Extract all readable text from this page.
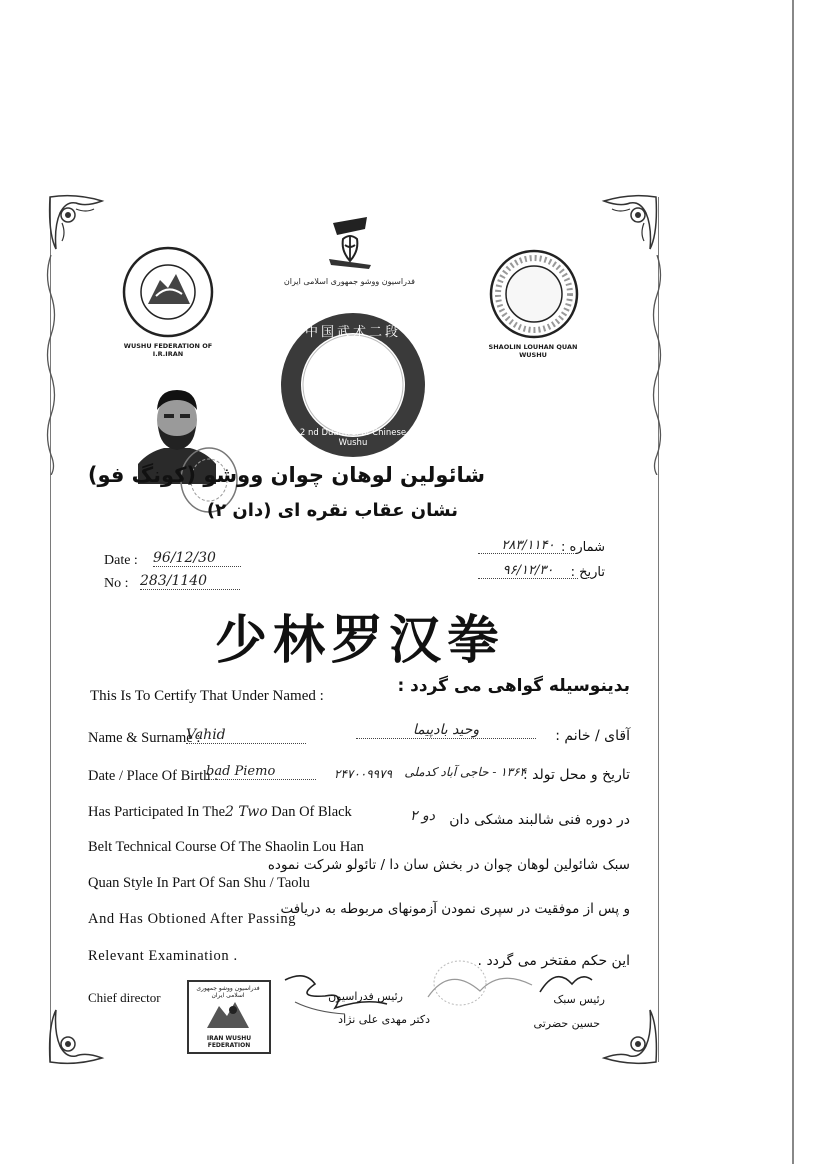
فدراسیون ووشو جمهوری اسلامی ایران
WUSHU FEDERATION OF I.R.IRAN
SHAOLIN LOUHAN QUAN WUSHU
中国武术二段
2 nd Duanwei of Chinese Wushu
شائولین لوهان چوان ووشو (کونگ فو)
نشان عقاب نقره ای (دان ۲)
شماره :
۲۸۳/۱۱۴۰
تاریخ :
۹۶/۱۲/۳۰
Date : 96/12/30
No : 283/1140
少林罗汉拳
This Is To Certify That Under Named :	بدینوسیله گواهی می گردد :
Name & Surname :
Vahid	آقای / خانم :
وحید بادپیما
Date / Place Of Birth :
bad Piemo	تاریخ و محل تولد :
۱۳۶۴ - حاجی آباد کدملی
۲۴۷۰۰۹۹۷۹
Has Participated In The2 Two Dan Of Black	در دوره فنی شالبند مشکی دان
دو ۲
Belt Technical Course Of The Shaolin Lou Han
Quan Style In Part Of San Shu / Taolu
And Has Obtioned After Passing
Relevant Examination .
سبک شائولین لوهان چوان در بخش سان دا / تائولو شرکت نموده
و پس از موفقیت در سپری نمودن آزمونهای مربوطه به دریافت
این حکم مفتخر می گردد .
Chief director
فدراسیون ووشو جمهوری اسلامی ایران
IRAN WUSHU FEDERATION
رئیس فدراسیون
دکتر مهدی علی نژاد
رئیس سبک
حسین حضرتی
